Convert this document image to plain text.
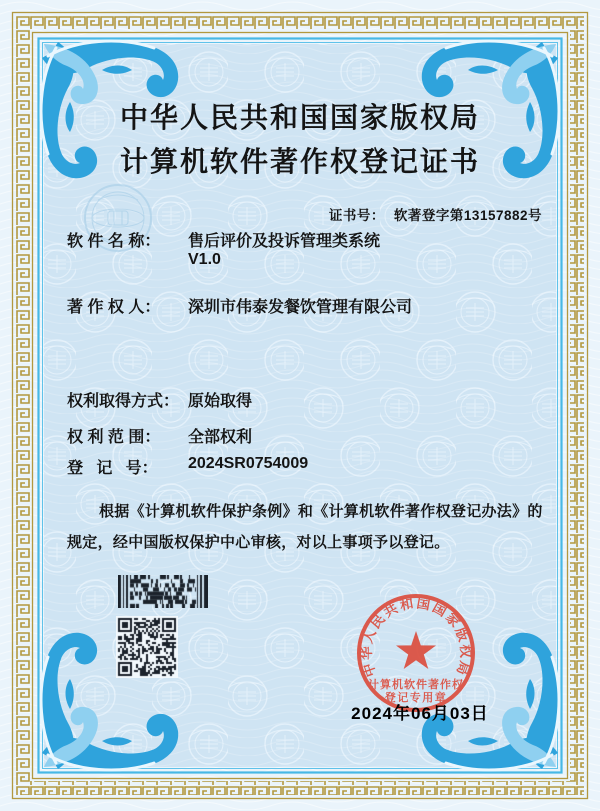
中华人民共和国国家版权局
计算机软件著作权登记证书

证书号： 软著登字第13157882号

软 件 名 称：	售后评价及投诉管理类系统
V1.0
著 作 权 人：	深圳市伟泰发餐饮管理有限公司
权利取得方式： 原始取得
权 利 范 围：	全部权利
登   记   号：	2024SR0754009
根据《计算机软件保护条例》和《计算机软件著作权登记办法》的
规定，经中国版权保护中心审核，对以上事项予以登记。
中华人民共和国国家版权局
计算机软件著作权
登记专用章
2024年06月03日
